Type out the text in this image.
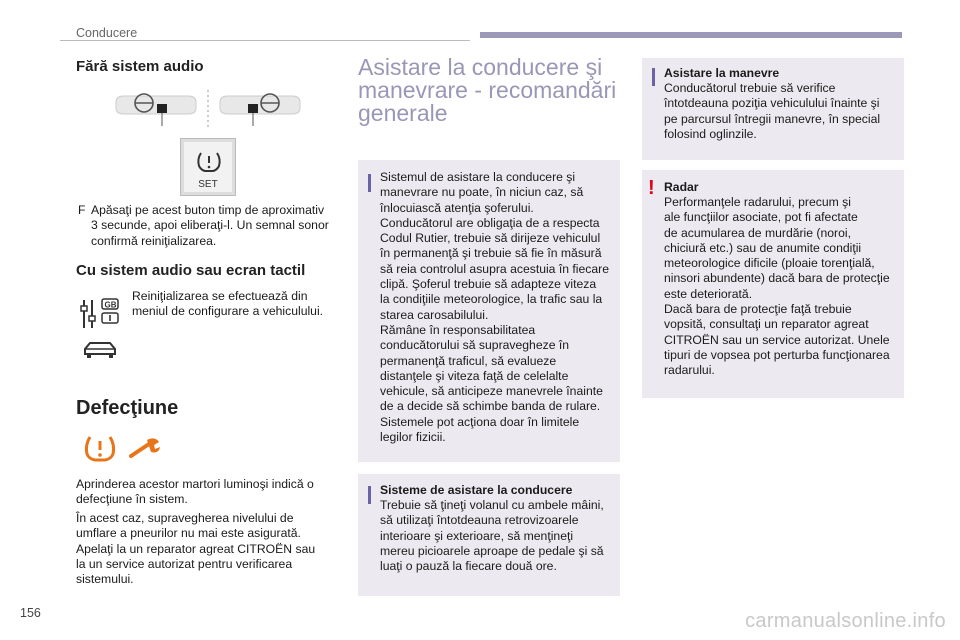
Conducere
Fără sistem audio
SET
F Apăsaţi pe acest buton timp de aproximativ
3 secunde, apoi eliberaţi-l. Un semnal sonor
confirmă reiniţializarea.
Cu sistem audio sau ecran tactil
GB
Reiniţializarea se efectuează din
meniul de configurare a vehiculului.
Defecţiune
Aprinderea acestor martori luminoşi indică o
defecţiune în sistem.
În acest caz, supravegherea nivelului de
umflare a pneurilor nu mai este asigurată.
Apelaţi la un reparator agreat CITROËN sau
la un service autorizat pentru verificarea
sistemului.
Asistare la conducere şi
manevrare - recomandări
generale
Sistemul de asistare la conducere şi
manevrare nu poate, în niciun caz, să
înlocuiască atenţia şoferului.
Conducătorul are obligaţia de a respecta
Codul Rutier, trebuie să dirijeze vehiculul
în permanenţă şi trebuie să fie în măsură
să reia controlul asupra acestuia în fiecare
clipă. Şoferul trebuie să adapteze viteza
la condiţiile meteorologice, la trafic sau la
starea carosabilului.
Rămâne în responsabilitatea
conducătorului să supravegheze în
permanenţă traficul, să evalueze
distanţele şi viteza faţă de celelalte
vehicule, să anticipeze manevrele înainte
de a decide să schimbe banda de rulare.
Sistemele pot acţiona doar în limitele
legilor fizicii.
Sisteme de asistare la conducere
Trebuie să ţineţi volanul cu ambele mâini,
să utilizaţi întotdeauna retrovizoarele
interioare şi exterioare, să menţineţi
mereu picioarele aproape de pedale şi să
luaţi o pauză la fiecare două ore.
Asistare la manevre
Conducătorul trebuie să verifice
întotdeauna poziţia vehiculului înainte şi
pe parcursul întregii manevre, în special
folosind oglinzile.
! Radar
Performanţele radarului, precum şi
ale funcţiilor asociate, pot fi afectate
de acumularea de murdărie (noroi,
chiciură etc.) sau de anumite condiţii
meteorologice dificile (ploaie torenţială,
ninsori abundente) dacă bara de protecţie
este deteriorată.
Dacă bara de protecţie faţă trebuie
vopsită, consultaţi un reparator agreat
CITROËN sau un service autorizat. Unele
tipuri de vopsea pot perturba funcţionarea
radarului.
156	carmanualsonline.info
